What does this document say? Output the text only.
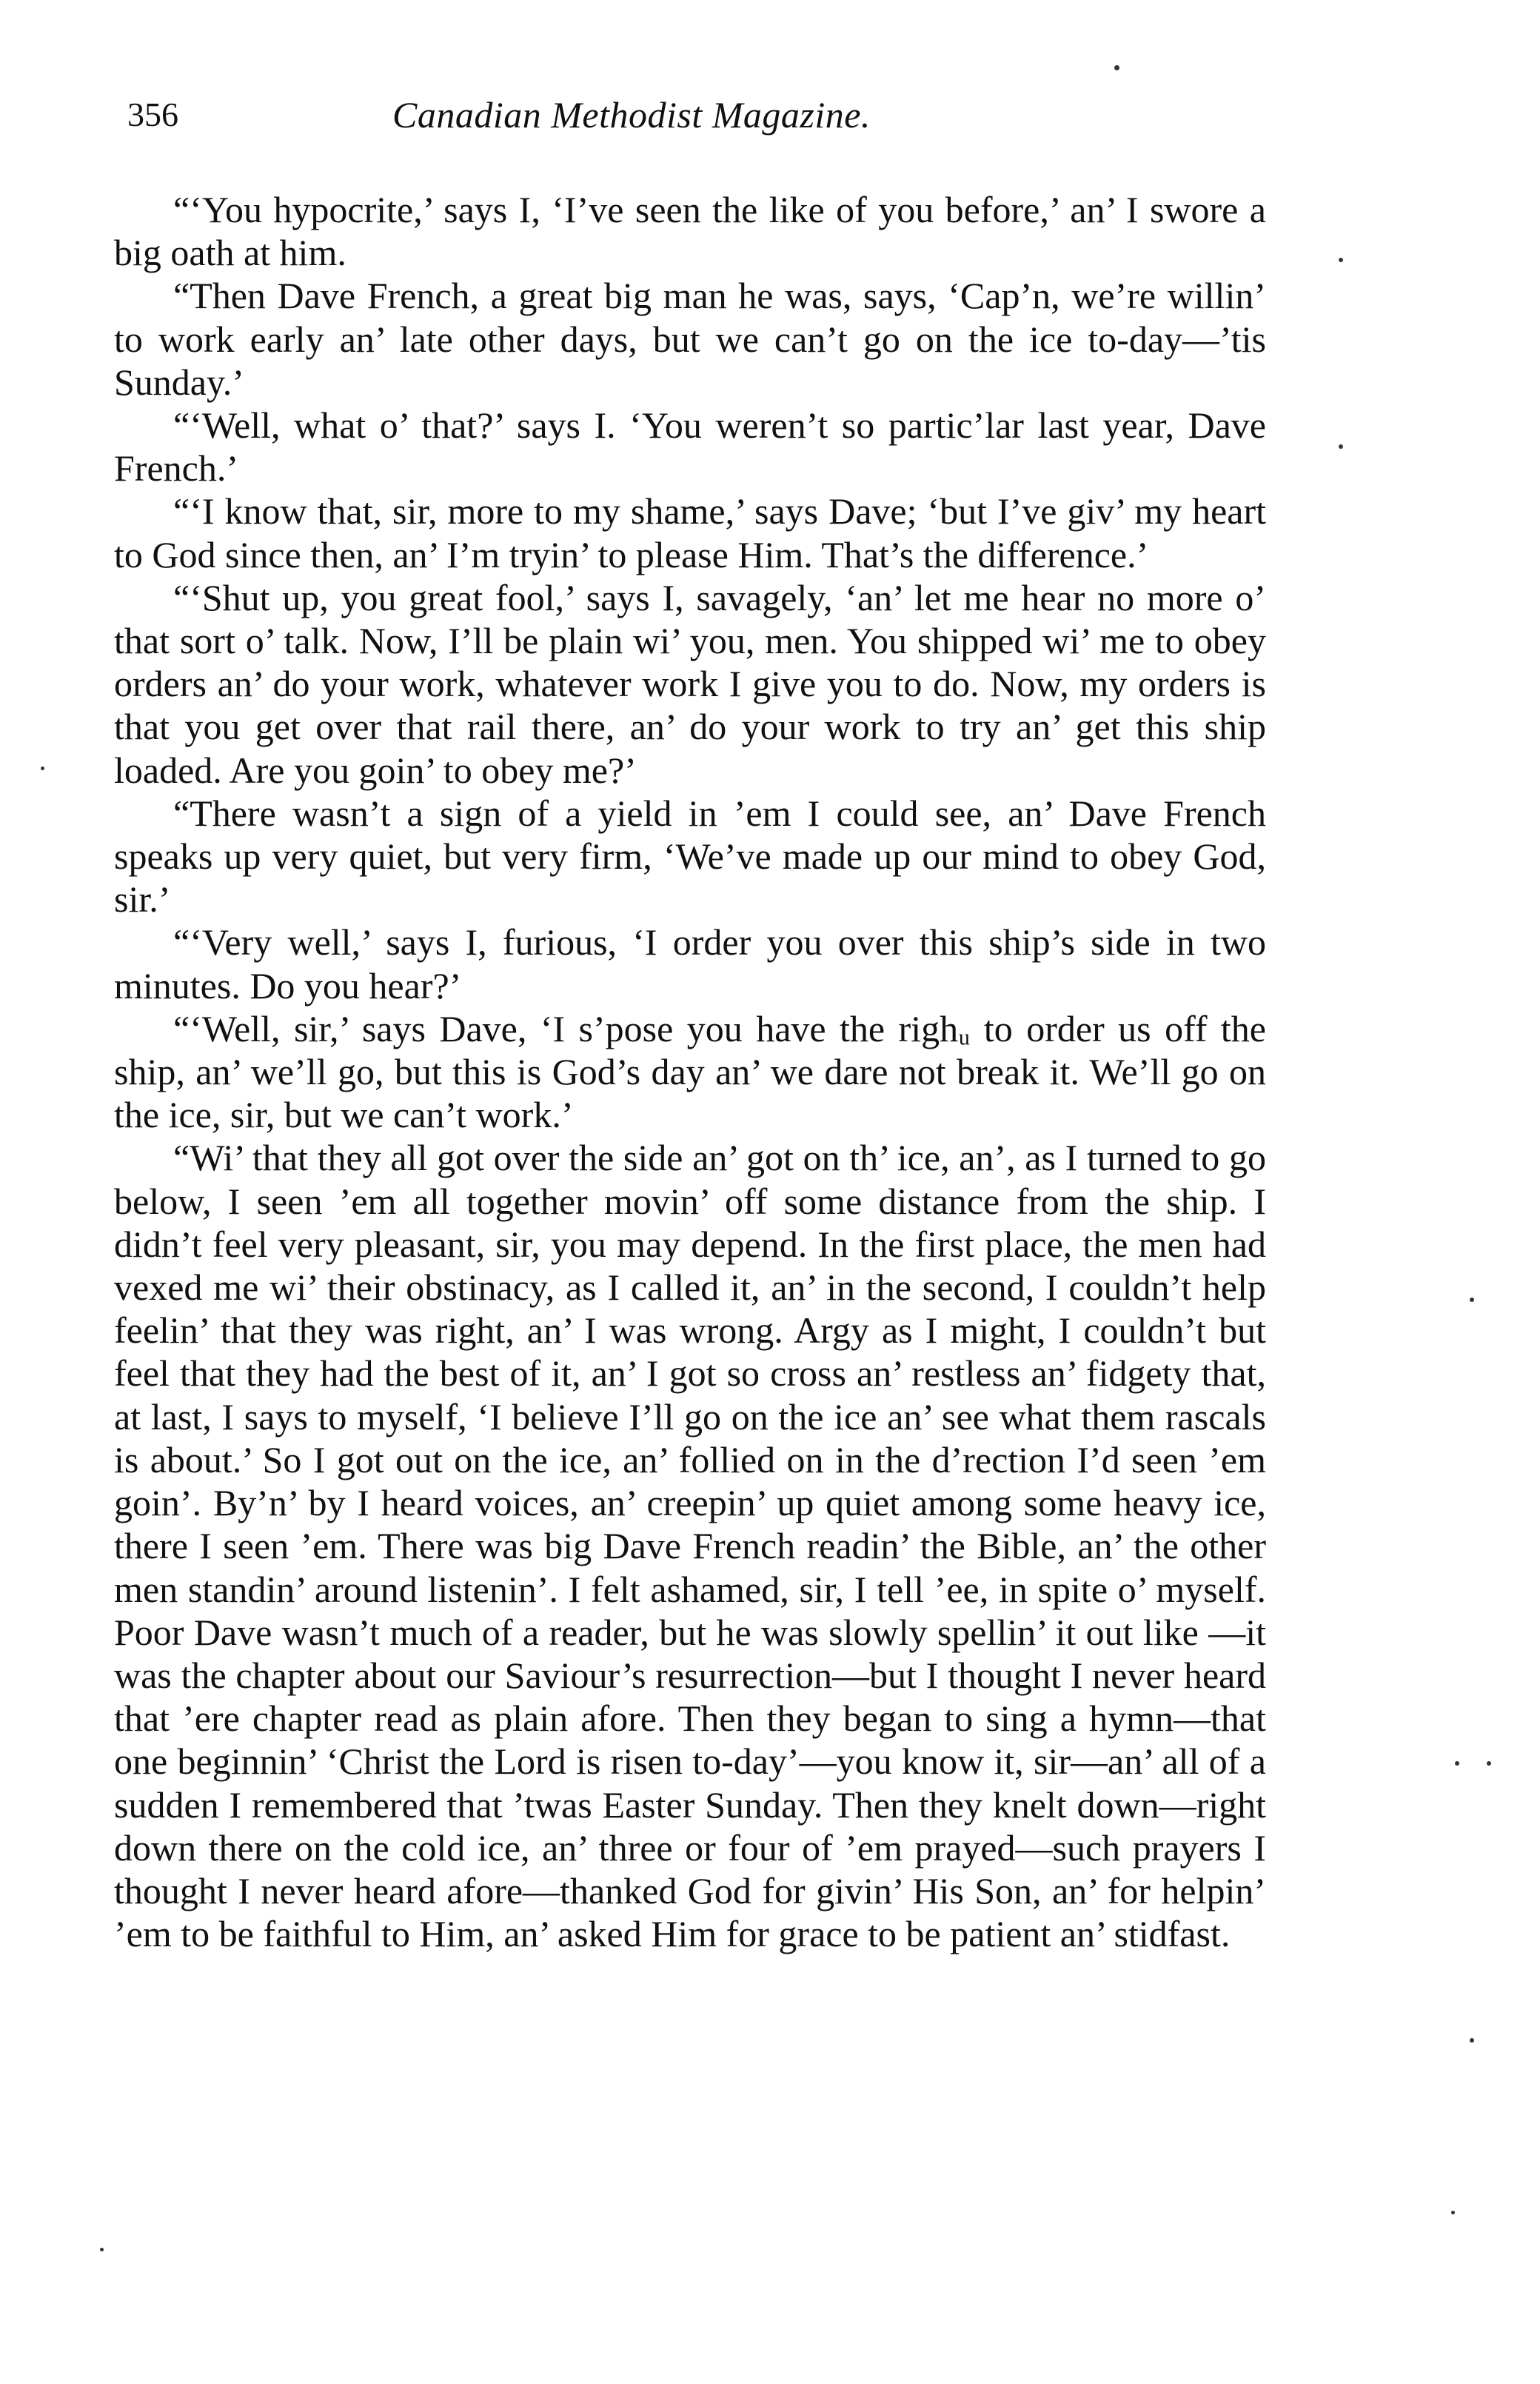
356	Canadian Methodist Magazine.

“‘You hypocrite,’ says I, ‘I’ve seen the like of you before,’ an’ I swore a big oath at him.

“Then Dave French, a great big man he was, says, ‘Cap’n, we’re willin’ to work early an’ late other days, but we can’t go on the ice to-day—’tis Sunday.’

“‘Well, what o’ that?’ says I. ‘You weren’t so partic’lar last year, Dave French.’

“‘I know that, sir, more to my shame,’ says Dave; ‘but I’ve giv’ my heart to God since then, an’ I’m tryin’ to please Him. That’s the difference.’

“‘Shut up, you great fool,’ says I, savagely, ‘an’ let me hear no more o’ that sort o’ talk. Now, I’ll be plain wi’ you, men. You shipped wi’ me to obey orders an’ do your work, whatever work I give you to do. Now, my orders is that you get over that rail there, an’ do your work to try an’ get this ship loaded. Are you goin’ to obey me?’

“There wasn’t a sign of a yield in ’em I could see, an’ Dave French speaks up very quiet, but very firm, ‘We’ve made up our mind to obey God, sir.’

“‘Very well,’ says I, furious, ‘I order you over this ship’s side in two minutes. Do you hear?’

“‘Well, sir,’ says Dave, ‘I s’pose you have the righᵤ to order us off the ship, an’ we’ll go, but this is God’s day an’ we dare not break it. We’ll go on the ice, sir, but we can’t work.’

“Wi’ that they all got over the side an’ got on th’ ice, an’, as I turned to go below, I seen ’em all together movin’ off some distance from the ship. I didn’t feel very pleasant, sir, you may depend. In the first place, the men had vexed me wi’ their obstinacy, as I called it, an’ in the second, I couldn’t help feelin’ that they was right, an’ I was wrong. Argy as I might, I couldn’t but feel that they had the best of it, an’ I got so cross an’ restless an’ fidgety that, at last, I says to myself, ‘I believe I’ll go on the ice an’ see what them rascals is about.’ So I got out on the ice, an’ follied on in the d’rection I’d seen ’em goin’. By’n’ by I heard voices, an’ creepin’ up quiet among some heavy ice, there I seen ’em. There was big Dave French readin’ the Bible, an’ the other men standin’ around listenin’. I felt ashamed, sir, I tell ’ee, in spite o’ myself. Poor Dave wasn’t much of a reader, but he was slowly spellin’ it out like —it was the chapter about our Saviour’s resurrection—but I thought I never heard that ’ere chapter read as plain afore. Then they began to sing a hymn—that one beginnin’ ‘Christ the Lord is risen to-day’—you know it, sir—an’ all of a sudden I remembered that ’twas Easter Sunday. Then they knelt down—right down there on the cold ice, an’ three or four of ’em prayed—such prayers I thought I never heard afore—thanked God for givin’ His Son, an’ for helpin’ ’em to be faithful to Him, an’ asked Him for grace to be patient an’ stidfast.
